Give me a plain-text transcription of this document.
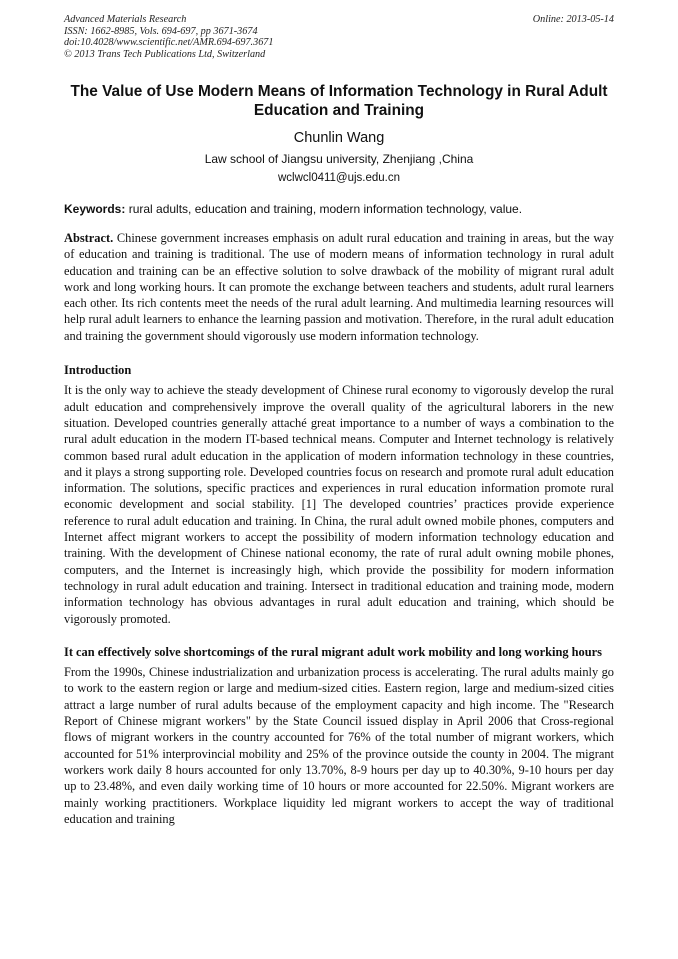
Advanced Materials Research
ISSN: 1662-8985, Vols. 694-697, pp 3671-3674
doi:10.4028/www.scientific.net/AMR.694-697.3671
© 2013 Trans Tech Publications Ltd, Switzerland
Online: 2013-05-14
The Value of Use Modern Means of Information Technology in Rural Adult Education and Training
Chunlin Wang
Law school of Jiangsu university, Zhenjiang ,China
wclwcl0411@ujs.edu.cn
Keywords: rural adults, education and training, modern information technology, value.
Abstract. Chinese government increases emphasis on adult rural education and training in areas, but the way of education and training is traditional. The use of modern means of information technology in rural adult education and training can be an effective solution to solve drawback of the mobility of migrant rural adult work and long working hours. It can promote the exchange between teachers and students, adult rural learners each other. Its rich contents meet the needs of the rural adult learning. And multimedia learning resources will help rural adult learners to enhance the learning passion and motivation. Therefore, in the rural adult education and training the government should vigorously use modern information technology.
Introduction
It is the only way to achieve the steady development of Chinese rural economy to vigorously develop the rural adult education and comprehensively improve the overall quality of the agricultural laborers in the new situation. Developed countries generally attaché great importance to a number of ways a combination to the rural adult education in the modern IT-based technical means. Computer and Internet technology is relatively common based rural adult education in the application of modern information technology in these countries, and it plays a strong supporting role. Developed countries focus on research and promote rural adult education information. The solutions, specific practices and experiences in rural education information promote rural economic development and social stability. [1] The developed countries’ practices provide experience reference to rural adult education and training. In China, the rural adult owned mobile phones, computers and Internet affect migrant workers to accept the possibility of modern information technology education and training. With the development of Chinese national economy, the rate of rural adult owning mobile phones, computers, and the Internet is increasingly high, which provide the possibility for modern information technology in rural adult education and training. Intersect in traditional education and training mode, modern information technology has obvious advantages in rural adult education and training, which should be vigorously promoted.
It can effectively solve shortcomings of the rural migrant adult work mobility and long working hours
From the 1990s, Chinese industrialization and urbanization process is accelerating. The rural adults mainly go to work to the eastern region or large and medium-sized cities. Eastern region, large and medium-sized cities attract a large number of rural adults because of the employment capacity and high income. The "Research Report of Chinese migrant workers" by the State Council issued display in April 2006 that Cross-regional flows of migrant workers in the country accounted for 76% of the total number of migrant workers, which accounted for 51% interprovincial mobility and 25% of the province outside the county in 2004. The migrant workers work daily 8 hours accounted for only 13.70%, 8-9 hours per day up to 40.30%, 9-10 hours per day up to 23.48%, and even daily working time of 10 hours or more accounted for 22.50%. Migrant workers are mainly working practitioners. Workplace liquidity led migrant workers to accept the way of traditional education and training
